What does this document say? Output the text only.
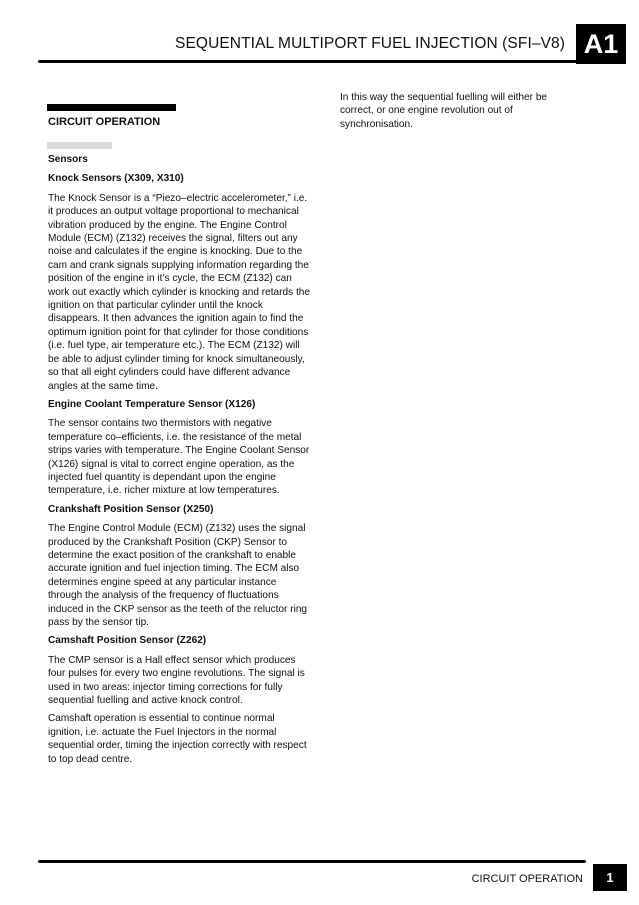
SEQUENTIAL MULTIPORT FUEL INJECTION (SFI–V8) A1
CIRCUIT OPERATION
Sensors
Knock Sensors (X309, X310)

The Knock Sensor is a “Piezo–electric accelerometer,” i.e. it produces an output voltage proportional to mechanical vibration produced by the engine. The Engine Control Module (ECM) (Z132) receives the signal, filters out any noise and calculates if the engine is knocking. Due to the cam and crank signals supplying information regarding the position of the engine in it’s cycle, the ECM (Z132) can work out exactly which cylinder is knocking and retards the ignition on that particular cylinder until the knock disappears. It then advances the ignition again to find the optimum ignition point for that cylinder for those conditions (i.e. fuel type, air temperature etc.). The ECM (Z132) will be able to adjust cylinder timing for knock simultaneously, so that all eight cylinders could have different advance angles at the same time.

Engine Coolant Temperature Sensor (X126)

The sensor contains two thermistors with negative temperature co–efficients, i.e. the resistance of the metal strips varies with temperature. The Engine Coolant Sensor (X126) signal is vital to correct engine operation, as the injected fuel quantity is dependant upon the engine temperature, i.e. richer mixture at low temperatures.

Crankshaft Position Sensor (X250)

The Engine Control Module (ECM) (Z132) uses the signal produced by the Crankshaft Position (CKP) Sensor to determine the exact position of the crankshaft to enable accurate ignition and fuel injection timing. The ECM also determines engine speed at any particular instance through the analysis of the frequency of fluctuations induced in the CKP sensor as the teeth of the reluctor ring pass by the sensor tip.

Camshaft Position Sensor (Z262)

The CMP sensor is a Hall effect sensor which produces four pulses for every two engine revolutions. The signal is used in two areas: injector timing corrections for fully sequential fuelling and active knock control.

Camshaft operation is essential to continue normal ignition, i.e. actuate the Fuel Injectors in the normal sequential order, timing the injection correctly with respect to top dead centre.

In this way the sequential fuelling will either be correct, or one engine revolution out of synchronisation.

CIRCUIT OPERATION	1
